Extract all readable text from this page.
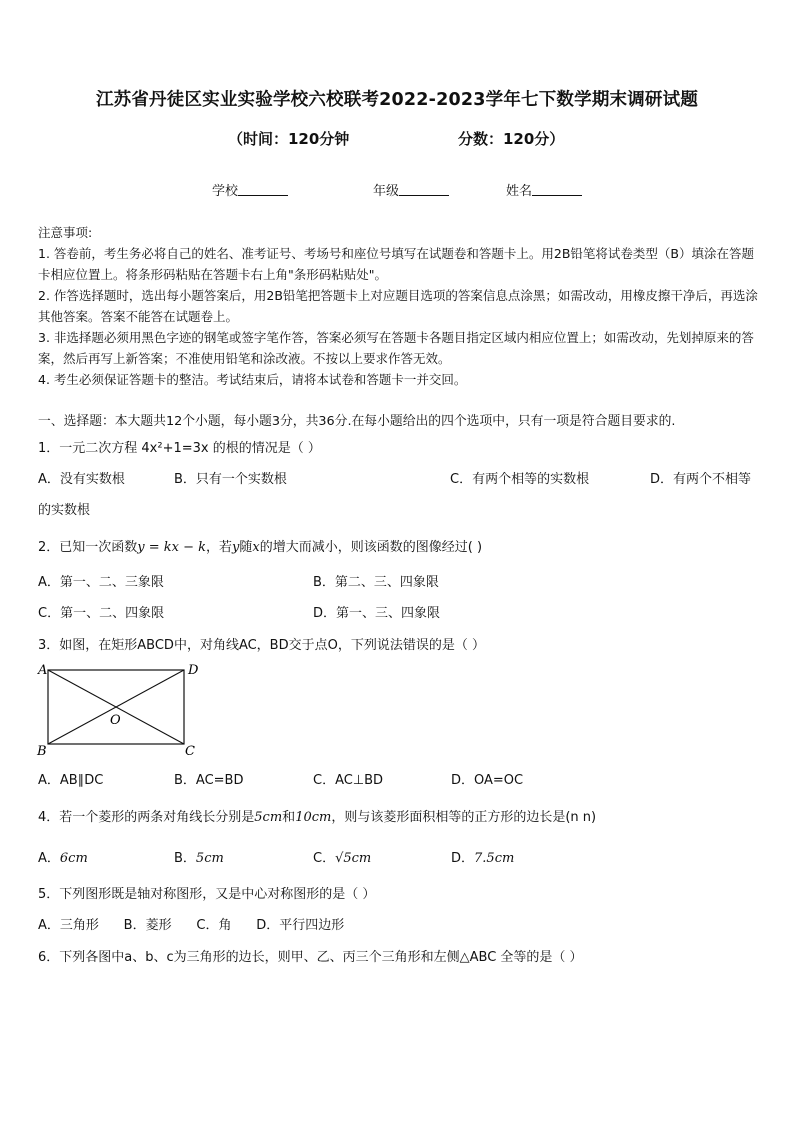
江苏省丹徒区实业实验学校六校联考2022-2023学年七下数学期末调研试题
（时间：120分钟	分数：120分）
学校	年级	姓名

注意事项:

1. 答卷前，考生务必将自己的姓名、准考证号、考场号和座位号填写在试题卷和答题卡上。用2B铅笔将试卷类型（B）填涂在答题卡相应位置上。将条形码粘贴在答题卡右上角"条形码粘贴处"。

2. 作答选择题时，选出每小题答案后，用2B铅笔把答题卡上对应题目选项的答案信息点涂黑；如需改动，用橡皮擦干净后，再选涂其他答案。答案不能答在试题卷上。

3. 非选择题必须用黑色字迹的钢笔或签字笔作答，答案必须写在答题卡各题目指定区域内相应位置上；如需改动，先划掉原来的答案，然后再写上新答案；不准使用铅笔和涂改液。不按以上要求作答无效。

4. 考生必须保证答题卡的整洁。考试结束后，请将本试卷和答题卡一并交回。

一、选择题：本大题共12个小题，每小题3分，共36分.在每小题给出的四个选项中，只有一项是符合题目要求的.
1．一元二次方程 4x²+1=3x 的根的情况是（ ）
A．没有实数根	B．只有一个实数根	C．有两个相等的实数根	D．有两个不相等
的实数根
2．已知一次函数y = kx − k，若y随x的增大而减小，则该函数的图像经过( )
A．第一、二、三象限	B．第二、三、四象限
C．第一、二、四象限	D．第一、三、四象限
3．如图，在矩形ABCD中，对角线AC，BD交于点O，下列说法错误的是（ ）
A	D
B	C
O
A．AB∥DC	B．AC=BD	C．AC⊥BD	D．OA=OC
4．若一个菱形的两条对角线长分别是5cm和10cm，则与该菱形面积相等的正方形的边长是(n n)
A．6cm	B．5cm	C．√5cm	D．7.5cm
5．下列图形既是轴对称图形，又是中心对称图形的是（ ）
A．三角形      B．菱形      C．角      D．平行四边形
6．下列各图中a、b、c为三角形的边长，则甲、乙、丙三个三角形和左侧△ABC 全等的是（ ）
